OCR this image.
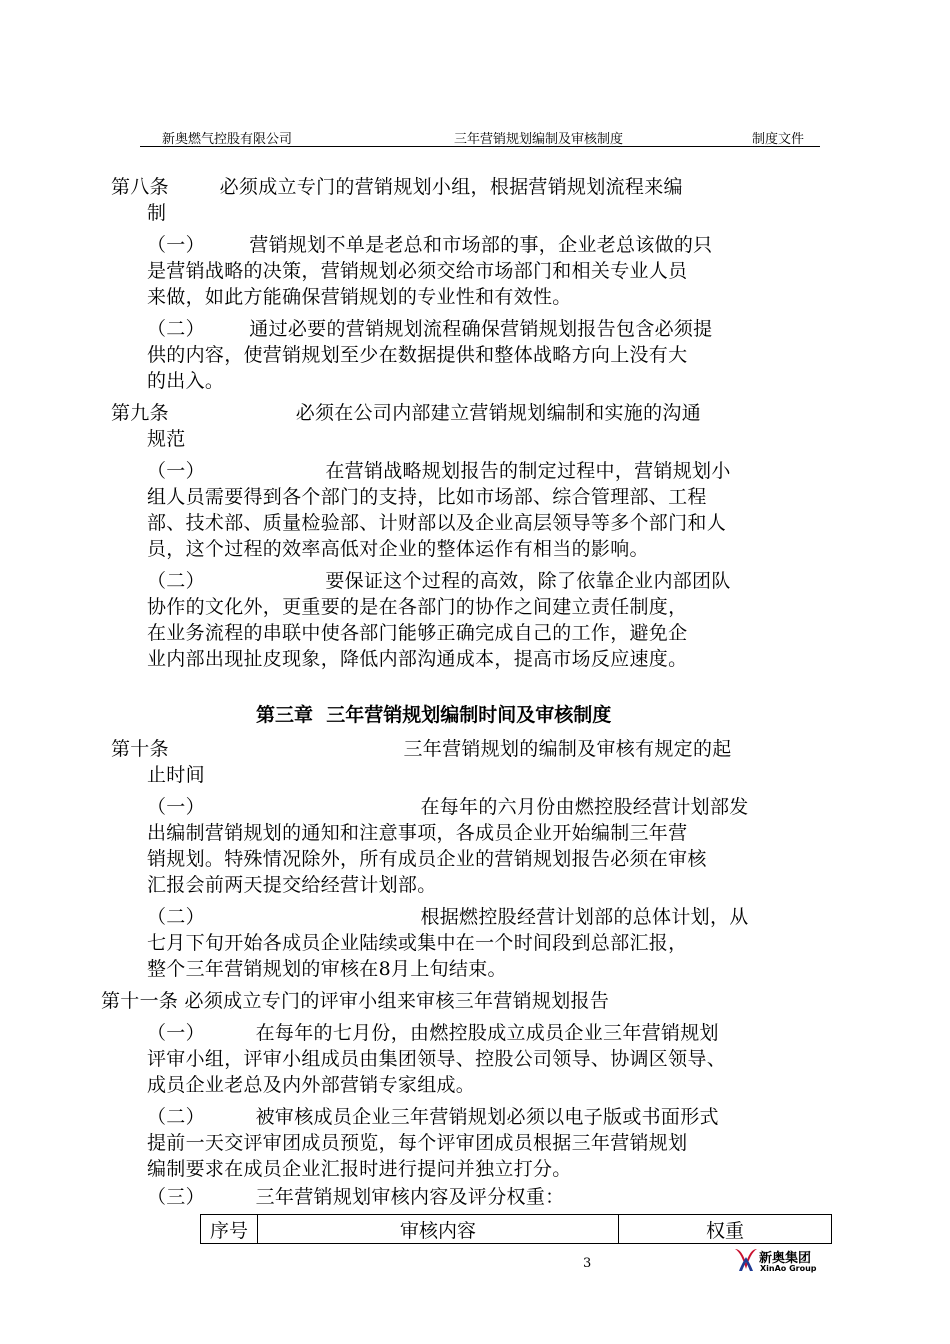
新奥燃气控股有限公司	三年营销规划编制及审核制度	制度文件
第八条        必须成立专门的营销规划小组，根据营销规划流程来编
制
（一）       营销规划不单是老总和市场部的事，企业老总该做的只
是营销战略的决策，营销规划必须交给市场部门和相关专业人员
来做，如此方能确保营销规划的专业性和有效性。
（二）       通过必要的营销规划流程确保营销规划报告包含必须提
供的内容，使营销规划至少在数据提供和整体战略方向上没有大
的出入。
第九条                    必须在公司内部建立营销规划编制和实施的沟通
规范
（一）                   在营销战略规划报告的制定过程中，营销规划小
组人员需要得到各个部门的支持，比如市场部、综合管理部、工程
部、技术部、质量检验部、计财部以及企业高层领导等多个部门和人
员，这个过程的效率高低对企业的整体运作有相当的影响。
（二）                   要保证这个过程的高效，除了依靠企业内部团队
协作的文化外，更重要的是在各部门的协作之间建立责任制度，
在业务流程的串联中使各部门能够正确完成自己的工作，避免企
业内部出现扯皮现象，降低内部沟通成本，提高市场反应速度。
第三章  三年营销规划编制时间及审核制度
第十条                                     三年营销规划的编制及审核有规定的起
止时间
（一）                                  在每年的六月份由燃控股经营计划部发
出编制营销规划的通知和注意事项，各成员企业开始编制三年营
销规划。特殊情况除外，所有成员企业的营销规划报告必须在审核
汇报会前两天提交给经营计划部。
（二）                                  根据燃控股经营计划部的总体计划，从
七月下旬开始各成员企业陆续或集中在一个时间段到总部汇报，
整个三年营销规划的审核在8月上旬结束。
第十一条 必须成立专门的评审小组来审核三年营销规划报告
（一）        在每年的七月份，由燃控股成立成员企业三年营销规划
评审小组，评审小组成员由集团领导、控股公司领导、协调区领导、
成员企业老总及内外部营销专家组成。
（二）        被审核成员企业三年营销规划必须以电子版或书面形式
提前一天交评审团成员预览，每个评审团成员根据三年营销规划
编制要求在成员企业汇报时进行提问并独立打分。
（三）        三年营销规划审核内容及评分权重：
序号	审核内容	权重
3	新奥集团
XinAo Group
